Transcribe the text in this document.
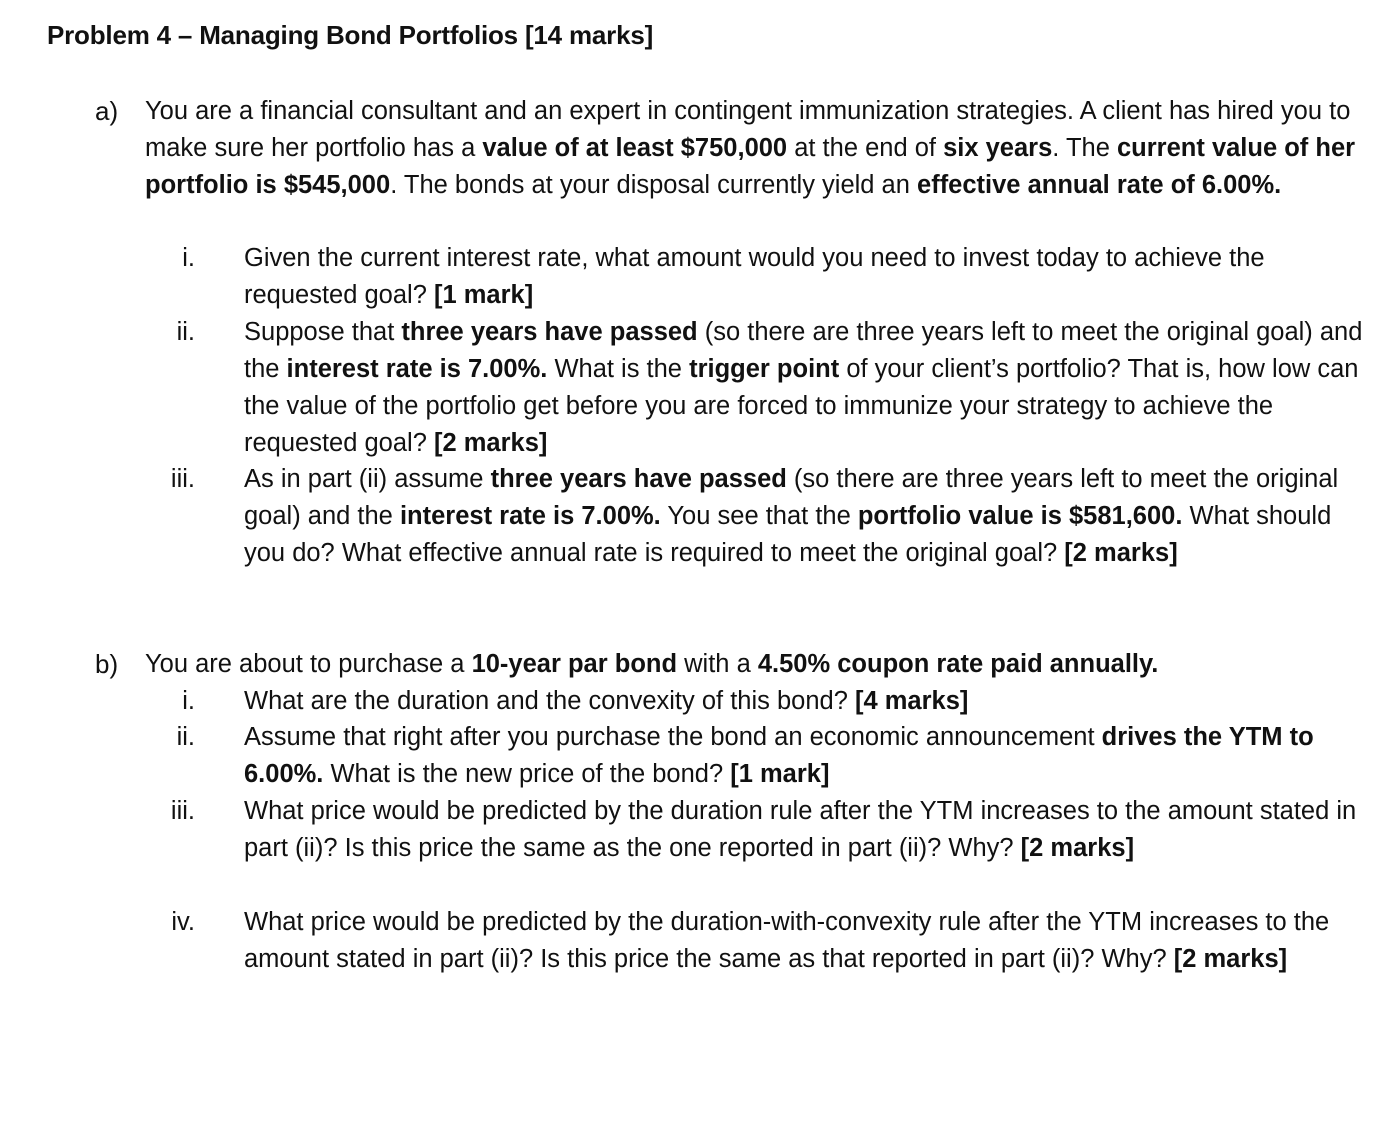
Problem 4 – Managing Bond Portfolios [14 marks]
a) You are a financial consultant and an expert in contingent immunization strategies. A client has hired you to make sure her portfolio has a value of at least $750,000 at the end of six years. The current value of her portfolio is $545,000. The bonds at your disposal currently yield an effective annual rate of 6.00%.
i. Given the current interest rate, what amount would you need to invest today to achieve the requested goal? [1 mark]
ii. Suppose that three years have passed (so there are three years left to meet the original goal) and the interest rate is 7.00%. What is the trigger point of your client’s portfolio? That is, how low can the value of the portfolio get before you are forced to immunize your strategy to achieve the requested goal? [2 marks]
iii. As in part (ii) assume three years have passed (so there are three years left to meet the original goal) and the interest rate is 7.00%. You see that the portfolio value is $581,600. What should you do? What effective annual rate is required to meet the original goal? [2 marks]
b) You are about to purchase a 10-year par bond with a 4.50% coupon rate paid annually.
i. What are the duration and the convexity of this bond? [4 marks]
ii. Assume that right after you purchase the bond an economic announcement drives the YTM to 6.00%. What is the new price of the bond? [1 mark]
iii. What price would be predicted by the duration rule after the YTM increases to the amount stated in part (ii)? Is this price the same as the one reported in part (ii)? Why? [2 marks]
iv. What price would be predicted by the duration-with-convexity rule after the YTM increases to the amount stated in part (ii)? Is this price the same as that reported in part (ii)? Why? [2 marks]
